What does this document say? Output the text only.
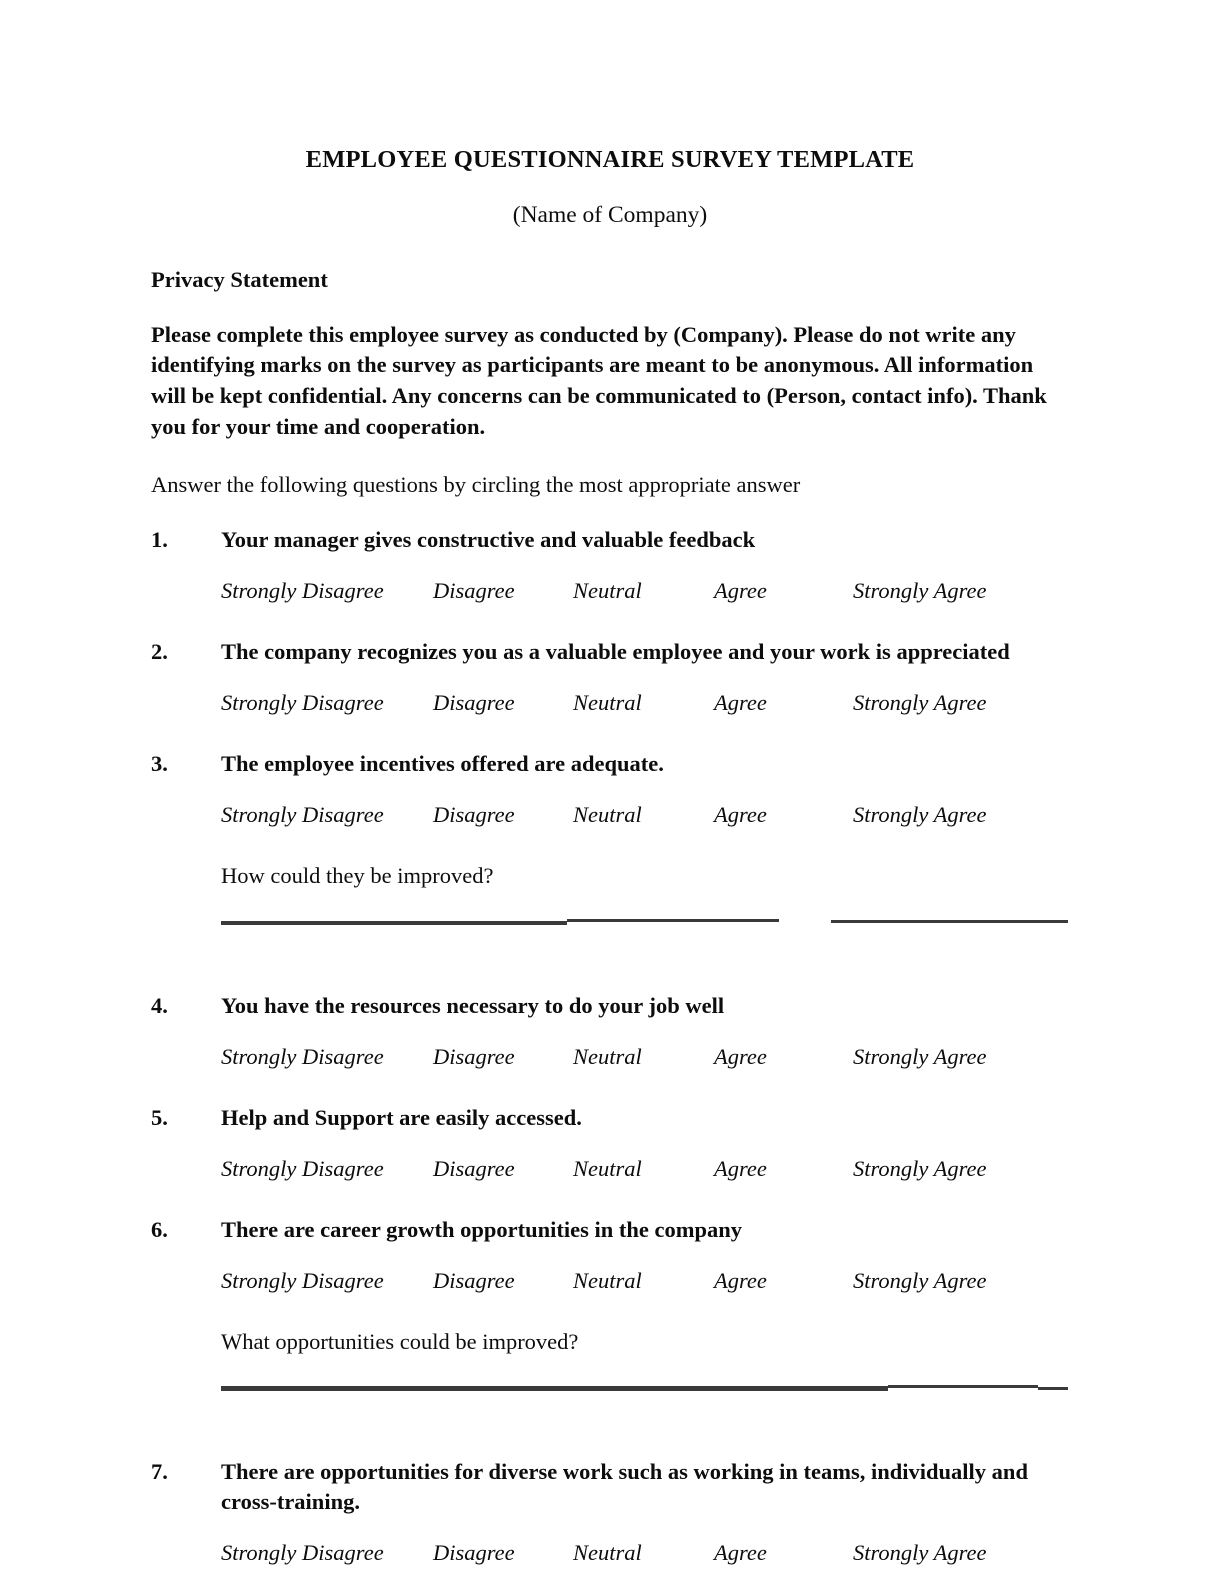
EMPLOYEE QUESTIONNAIRE SURVEY TEMPLATE

(Name of Company)

Privacy Statement

Please complete this employee survey as conducted by (Company). Please do not write any identifying marks on the survey as participants are meant to be anonymous. All information will be kept confidential. Any concerns can be communicated to (Person, contact info). Thank you for your time and cooperation.

Answer the following questions by circling the most appropriate answer

1.	Your manager gives constructive and valuable feedback
Strongly Disagree Disagree	Neutral	Agree	Strongly Agree
2.	The company recognizes you as a valuable employee and your work is appreciated
Strongly Disagree Disagree	Neutral	Agree	Strongly Agree
3.	The employee incentives offered are adequate.
Strongly Disagree Disagree	Neutral	Agree	Strongly Agree
How could they be improved?
4.	You have the resources necessary to do your job well
Strongly Disagree Disagree	Neutral	Agree	Strongly Agree
5.	Help and Support are easily accessed.
Strongly Disagree Disagree	Neutral	Agree	Strongly Agree
6.	There are career growth opportunities in the company
Strongly Disagree Disagree	Neutral	Agree	Strongly Agree
What opportunities could be improved?
7.	There are opportunities for diverse work such as working in teams, individually and cross-training.
Strongly Disagree Disagree	Neutral	Agree	Strongly Agree
